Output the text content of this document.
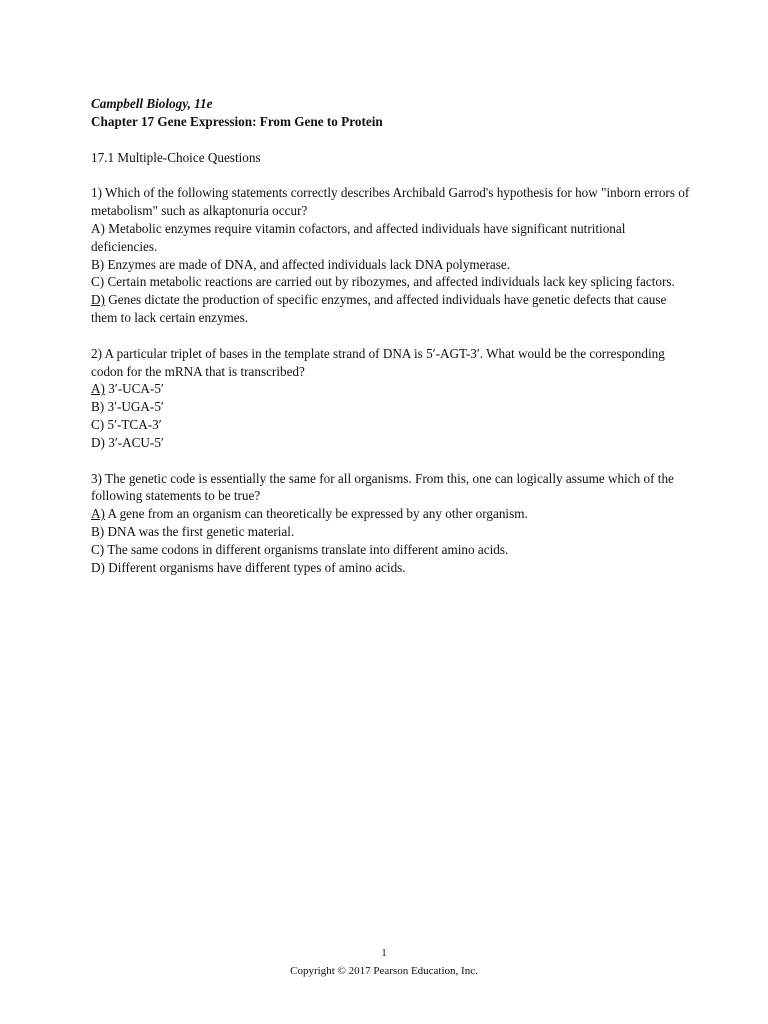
Campbell Biology, 11e

Chapter 17 Gene Expression: From Gene to Protein

17.1 Multiple-Choice Questions

1) Which of the following statements correctly describes Archibald Garrod's hypothesis for how "inborn errors of metabolism" such as alkaptonuria occur?

A) Metabolic enzymes require vitamin cofactors, and affected individuals have significant nutritional deficiencies.

B) Enzymes are made of DNA, and affected individuals lack DNA polymerase.

C) Certain metabolic reactions are carried out by ribozymes, and affected individuals lack key splicing factors.

D) Genes dictate the production of specific enzymes, and affected individuals have genetic defects that cause them to lack certain enzymes.

2) A particular triplet of bases in the template strand of DNA is 5′-AGT-3′. What would be the corresponding codon for the mRNA that is transcribed?

A) 3′-UCA-5′

B) 3′-UGA-5′

C) 5′-TCA-3′

D) 3′-ACU-5′

3) The genetic code is essentially the same for all organisms. From this, one can logically assume which of the following statements to be true?

A) A gene from an organism can theoretically be expressed by any other organism.

B) DNA was the first genetic material.

C) The same codons in different organisms translate into different amino acids.

D) Different organisms have different types of amino acids.

1
Copyright © 2017 Pearson Education, Inc.
